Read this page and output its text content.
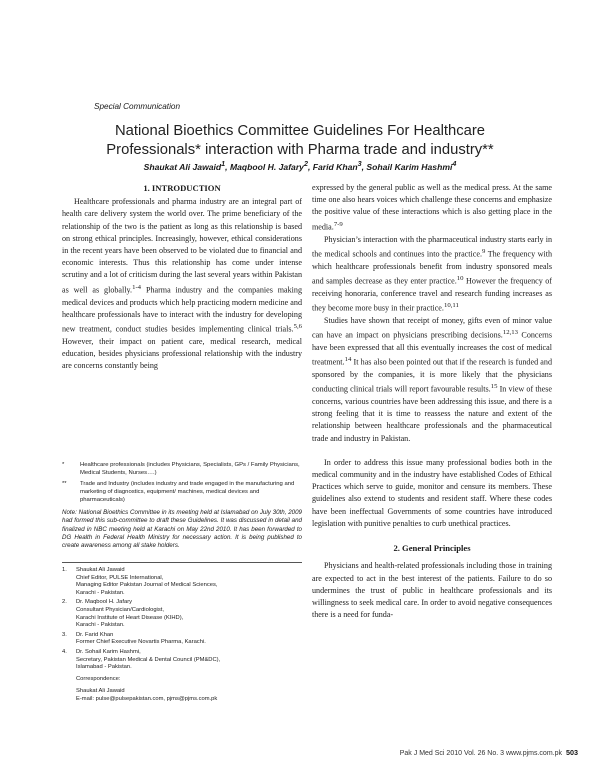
Special Communication
National Bioethics Committee Guidelines For Healthcare
Professionals* interaction with Pharma trade and industry**
Shaukat Ali Jawaid$^1$, Maqbool H. Jafary$^2$, Farid Khan$^3$, Sohail Karim Hashmi$^4$
1. INTRODUCTION

Healthcare professionals and pharma industry are an integral part of health care delivery system the world over. The prime beneficiary of the relationship of the two is the patient as long as this relationship is based on strong ethical principles. Increasingly, however, ethical considerations in the recent years have been observed to be violated due to financial and economic interests. Thus this relationship has come under intense scrutiny and a lot of criticism during the last several years within Pakistan as well as globally.$^{1-4}$ Pharma industry and the companies making medical devices and products which help practicing modern medicine and healthcare professionals have to interact with the industry for developing new treatment, conduct studies besides implementing clinical trials.$^{5,6}$ However, their impact on patient care, medical research, medical education, besides physicians professional relationship with the industry are concerns constantly being

*	Healthcare professionals (includes Physicians, Specialists, GPs / Family Physicians, Medical Students, Nurses….)
**	Trade and Industry (includes industry and trade engaged in the manufacturing and marketing of diagnostics, equipment/ machines, medical devices and pharmaceuticals)
Note: National Bioethics Committee in its meeting held at Islamabad on July 30th, 2009 had formed this sub-committee to draft these Guidelines. It was discussed in detail and finalized in NBC meeting held at Karachi on May 22nd 2010. It has been forwarded to DG Health in Federal Health Ministry for necessary action. It is being published to create awareness among all stake holders.
1.	Shaukat Ali Jawaid
Chief Editor, PULSE International,
Managing Editor Pakistan Journal of Medical Sciences,
Karachi - Pakistan.
2.	Dr. Maqbool H. Jafary
Consultant Physician/Cardiologist,
Karachi Institute of Heart Disease (KIHD),
Karachi - Pakistan.
3.	Dr. Farid Khan
Former Chief Executive Novartis Pharma, Karachi.
4.	Dr. Sohail Karim Hashmi,
Secretary, Pakistan Medical & Dental Council (PM&DC),
Islamabad - Pakistan.
Correspondence:
Shaukat Ali Jawaid
E-mail: pulse@pulsepakistan.com, pjms@pjms.com.pk

expressed by the general public as well as the medical press. At the same time one also hears voices which challenge these concerns and emphasize the positive value of these interactions which is also getting place in the media.$^{7-9}$

Physician’s interaction with the pharmaceutical industry starts early in the medical schools and continues into the practice.$^9$ The frequency with which healthcare professionals benefit from industry sponsored meals and samples decrease as they enter practice.$^{10}$ However the frequency of receiving honoraria, conference travel and research funding increases as they become more busy in their practice.$^{10,11}$

Studies have shown that receipt of money, gifts even of minor value can have an impact on physicians prescribing decisions.$^{12,13}$ Concerns have been expressed that all this eventually increases the cost of medical treatment.$^{14}$ It has also been pointed out that if the research is funded and sponsored by the companies, it is more likely that the physicians conducting clinical trials will report favourable results.$^{15}$ In view of these concerns, various countries have been addressing this issue, and there is a strong feeling that it is time to reassess the nature and extent of the relationship between healthcare professionals and the pharmaceutical trade and industry in Pakistan.

In order to address this issue many professional bodies both in the medical community and in the industry have established Codes of Ethical Practices which serve to guide, monitor and censure its members. These guidelines also extend to students and resident staff. Where these codes have been ineffectual Governments of some countries have introduced legislation with punitive penalties to curb unethical practices.

2. General Principles

Physicians and health-related professionals including those in training are expected to act in the best interest of the patients. Failure to do so undermines the trust of public in healthcare professionals and its willingness to seek medical care. In order to avoid negative consequences there is a need for funda-

Pak J Med Sci 2010 Vol. 26 No. 3 www.pjms.com.pk 503
